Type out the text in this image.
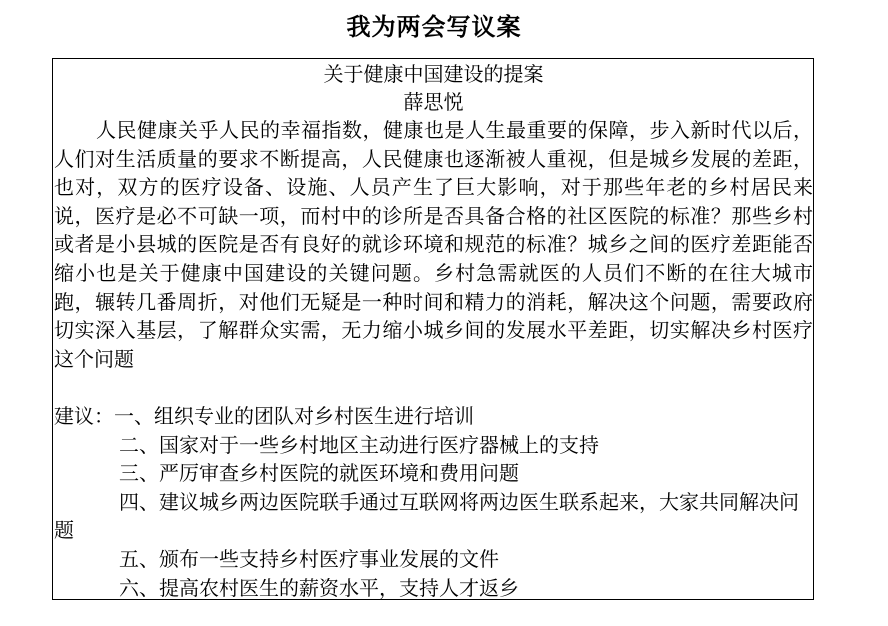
我为两会写议案
关于健康中国建设的提案
薛思悦

人民健康关乎人民的幸福指数，健康也是人生最重要的保障，步入新时代以后，人们对生活质量的要求不断提高，人民健康也逐渐被人重视，但是城乡发展的差距，也对，双方的医疗设备、设施、人员产生了巨大影响，对于那些年老的乡村居民来说，医疗是必不可缺一项，而村中的诊所是否具备合格的社区医院的标准？那些乡村或者是小县城的医院是否有良好的就诊环境和规范的标准？城乡之间的医疗差距能否缩小也是关于健康中国建设的关键问题。乡村急需就医的人员们不断的在往大城市跑，辗转几番周折，对他们无疑是一种时间和精力的消耗，解决这个问题，需要政府切实深入基层，了解群众实需，无力缩小城乡间的发展水平差距，切实解决乡村医疗这个问题

建议：一、组织专业的团队对乡村医生进行培训

二、国家对于一些乡村地区主动进行医疗器械上的支持

三、严厉审查乡村医院的就医环境和费用问题

四、建议城乡两边医院联手通过互联网将两边医生联系起来，大家共同解决问题

五、颁布一些支持乡村医疗事业发展的文件

六、提高农村医生的薪资水平，支持人才返乡
